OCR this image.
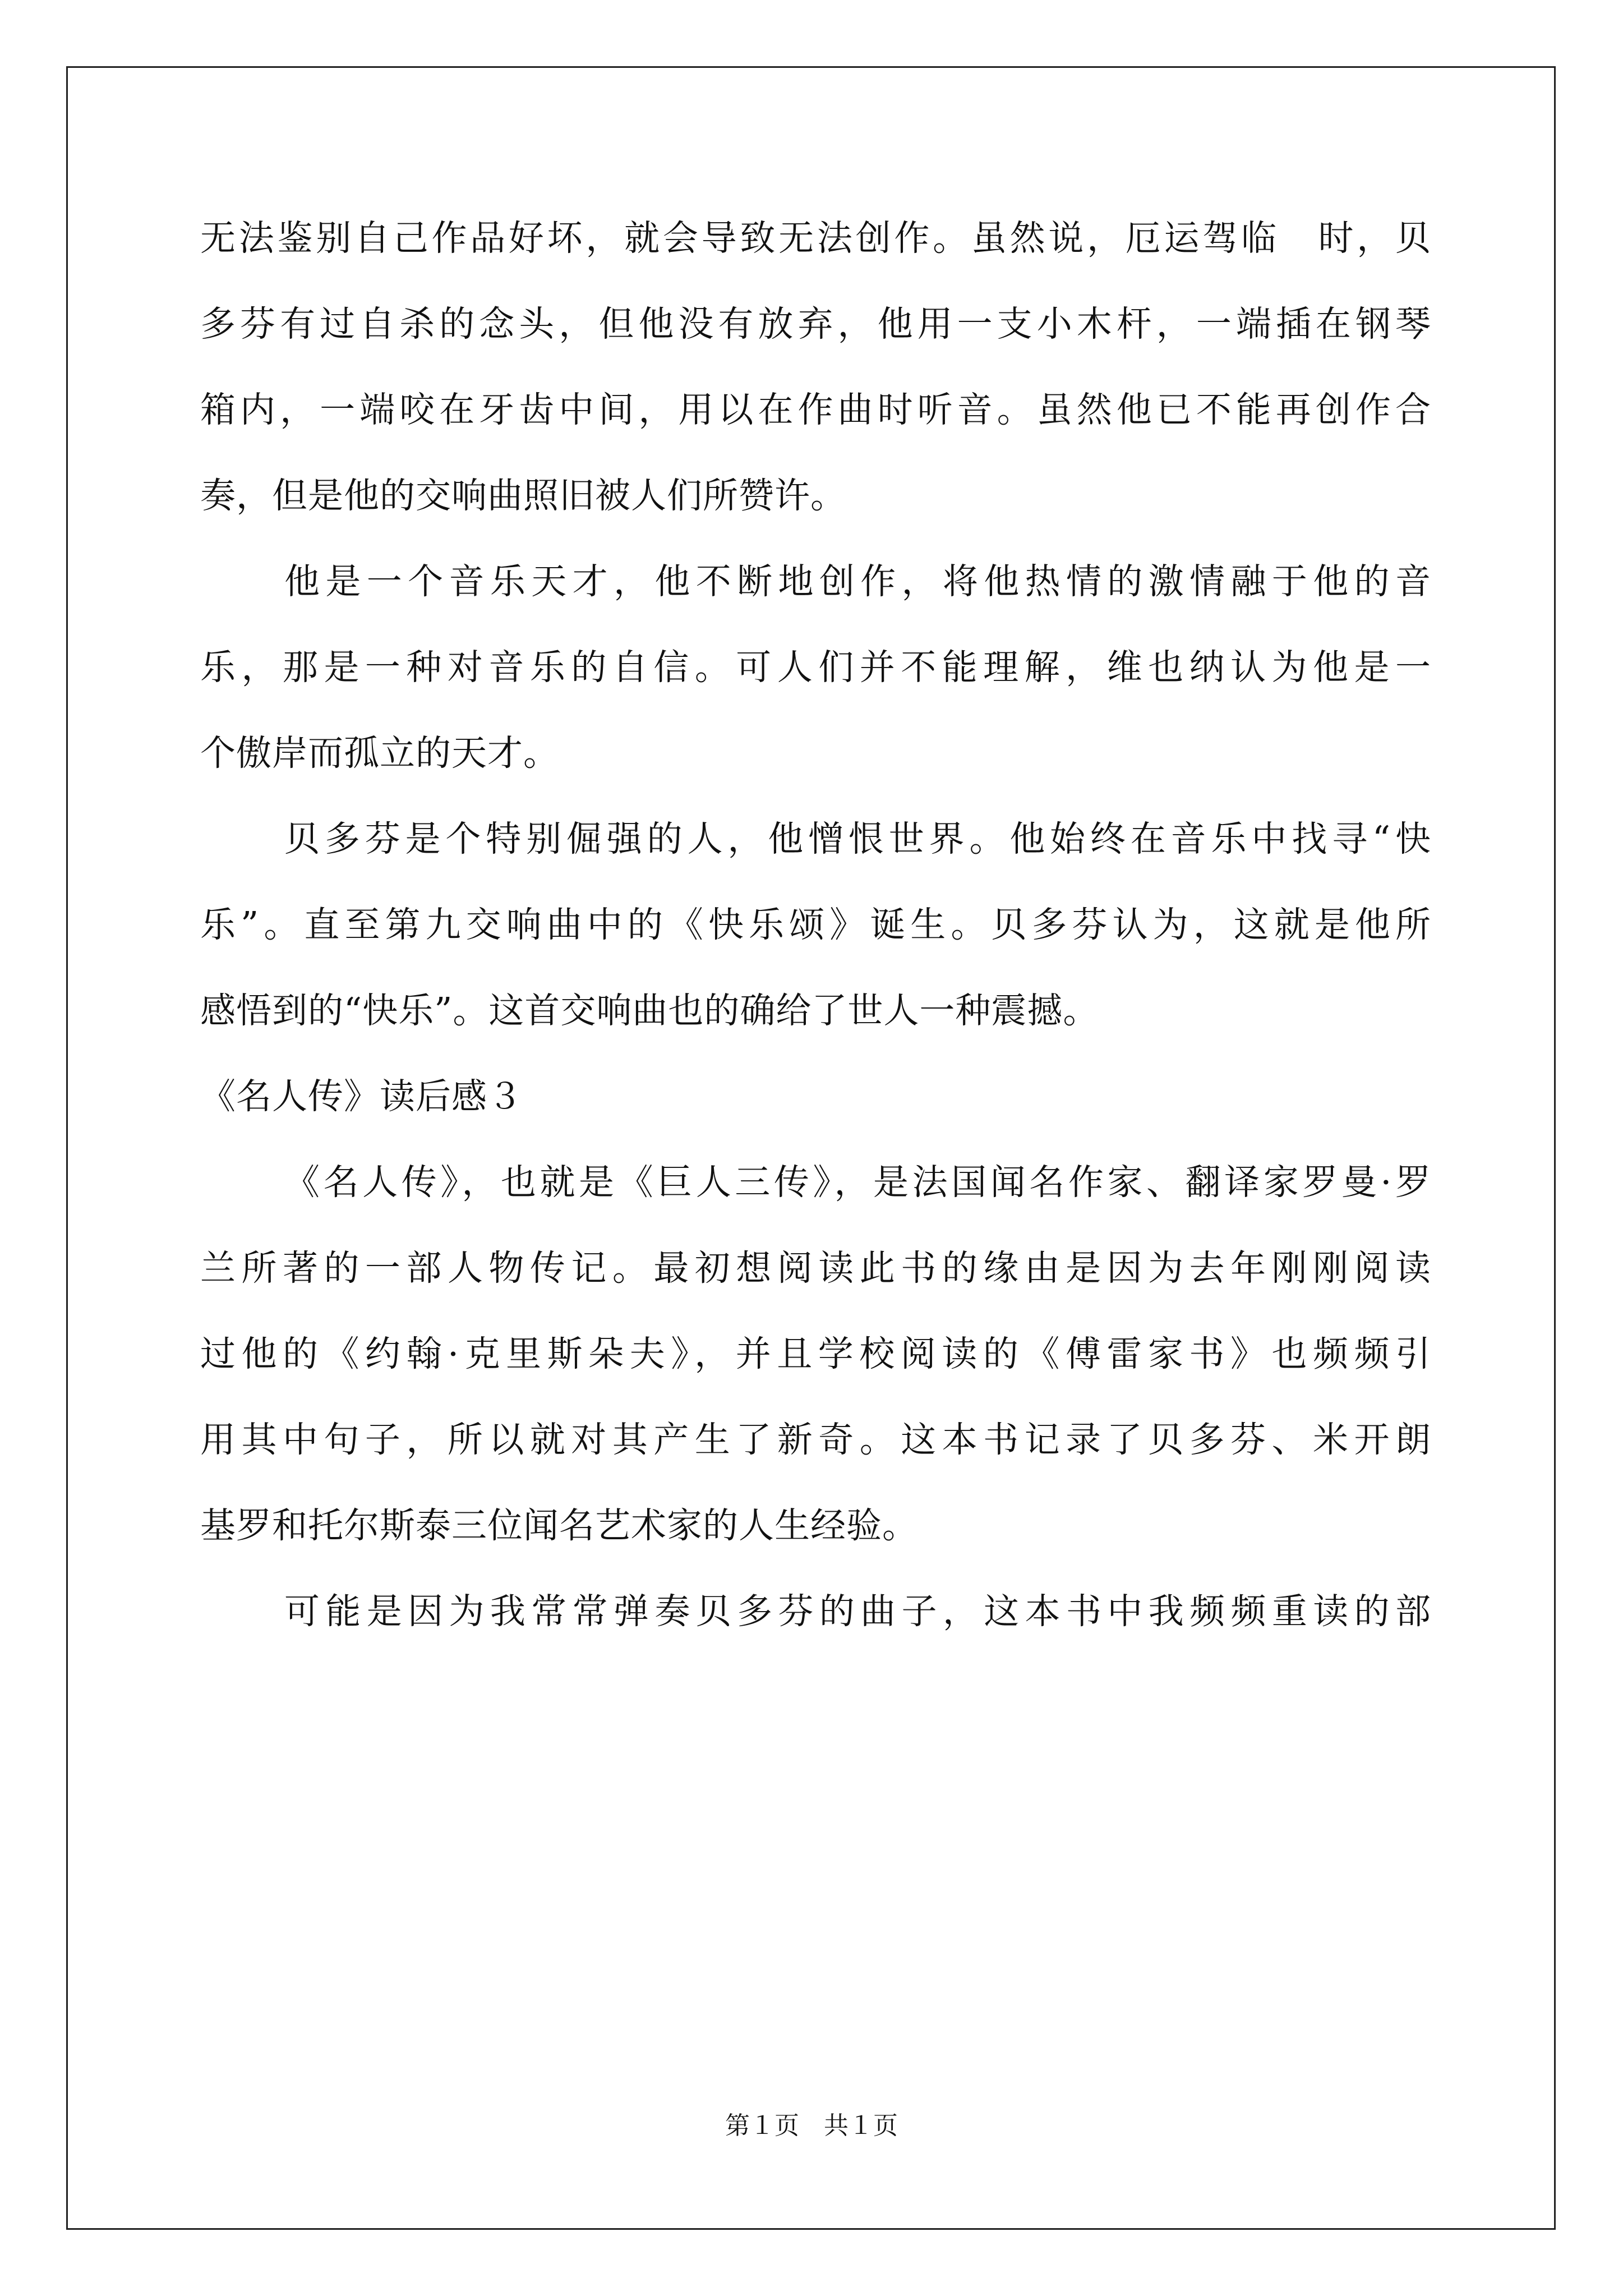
无法鉴别自己作品好坏，就会导致无法创作。虽然说，厄运驾临　时，贝
多芬有过自杀的念头，但他没有放弃，他用一支小木杆，一端插在钢琴
箱内，一端咬在牙齿中间，用以在作曲时听音。虽然他已不能再创作合
奏，但是他的交响曲照旧被人们所赞许。
他是一个音乐天才，他不断地创作，将他热情的激情融于他的音
乐，那是一种对音乐的自信。可人们并不能理解，维也纳认为他是一
个傲岸而孤立的天才。
贝多芬是个特别倔强的人，他憎恨世界。他始终在音乐中找寻“快
乐”。直至第九交响曲中的《快乐颂》诞生。贝多芬认为，这就是他所
感悟到的“快乐”。这首交响曲也的确给了世人一种震撼。
《名人传》读后感３
《名人传》，也就是《巨人三传》，是法国闻名作家、翻译家罗曼·罗
兰所著的一部人物传记。最初想阅读此书的缘由是因为去年刚刚阅读
过他的《约翰·克里斯朵夫》，并且学校阅读的《傅雷家书》也频频引
用其中句子，所以就对其产生了新奇。这本书记录了贝多芬、米开朗
基罗和托尔斯泰三位闻名艺术家的人生经验。
可能是因为我常常弹奏贝多芬的曲子，这本书中我频频重读的部
第１页　共１页
